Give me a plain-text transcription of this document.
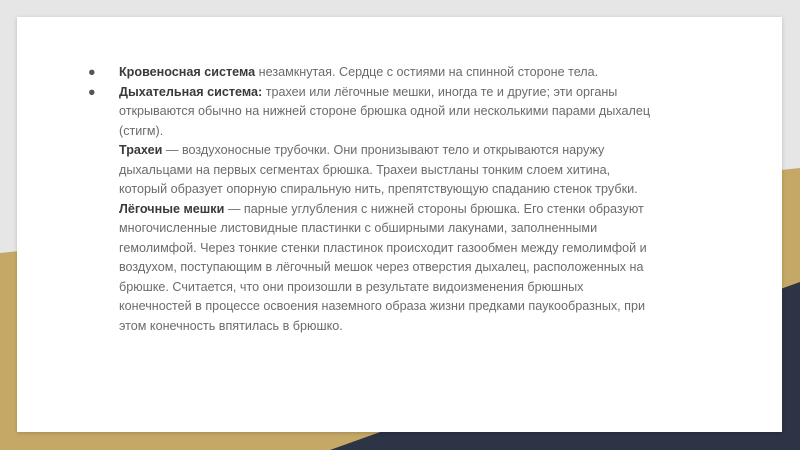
● Кровеносная система незамкнутая. Сердце с остиями на спинной стороне тела.
● Дыхательная система: трахеи или лёгочные мешки, иногда те и другие; эти органы
открываются обычно на нижней стороне брюшка одной или несколькими парами дыхалец
(стигм).
Трахеи — воздухоносные трубочки. Они пронизывают тело и открываются наружу
дыхальцами на первых сегментах брюшка. Трахеи выстланы тонким слоем хитина,
который образует опорную спиральную нить, препятствующую спаданию стенок трубки.
Лёгочные мешки — парные углубления с нижней стороны брюшка. Его стенки образуют
многочисленные листовидные пластинки с обширными лакунами, заполненными
гемолимфой. Через тонкие стенки пластинок происходит газообмен между гемолимфой и
воздухом, поступающим в лёгочный мешок через отверстия дыхалец, расположенных на
брюшке. Считается, что они произошли в результате видоизменения брюшных
конечностей в процессе освоения наземного образа жизни предками паукообразных, при
этом конечность впятилась в брюшко.
